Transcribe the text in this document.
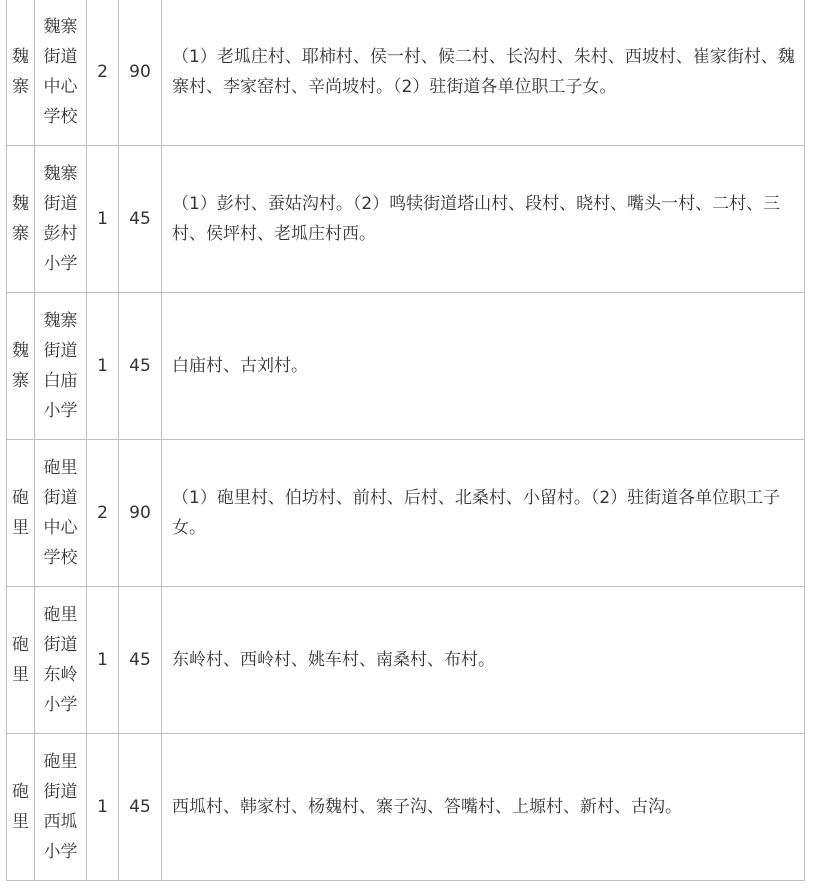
魏寨	魏寨街道中心学校	2	90	（1）老坬庄村、耶柿村、侯一村、候二村、长沟村、朱村、西坡村、崔家街村、魏寨村、李家窑村、辛尚坡村。（2）驻街道各单位职工子女。

魏寨	魏寨街道彭村小学	1	45	（1）彭村、蚕姑沟村。（2）鸣犊街道塔山村、段村、晓村、嘴头一村、二村、三村、侯坪村、老坬庄村西。

魏寨	魏寨街道白庙小学	1	45	白庙村、古刘村。

砲里	砲里街道中心学校	2	90	（1）砲里村、伯坊村、前村、后村、北桑村、小留村。（2）驻街道各单位职工子女。

砲里	砲里街道东岭小学	1	45	东岭村、西岭村、姚车村、南桑村、布村。

砲里	砲里街道西坬小学	1	45	西坬村、韩家村、杨魏村、寨子沟、答嘴村、上塬村、新村、古沟。
